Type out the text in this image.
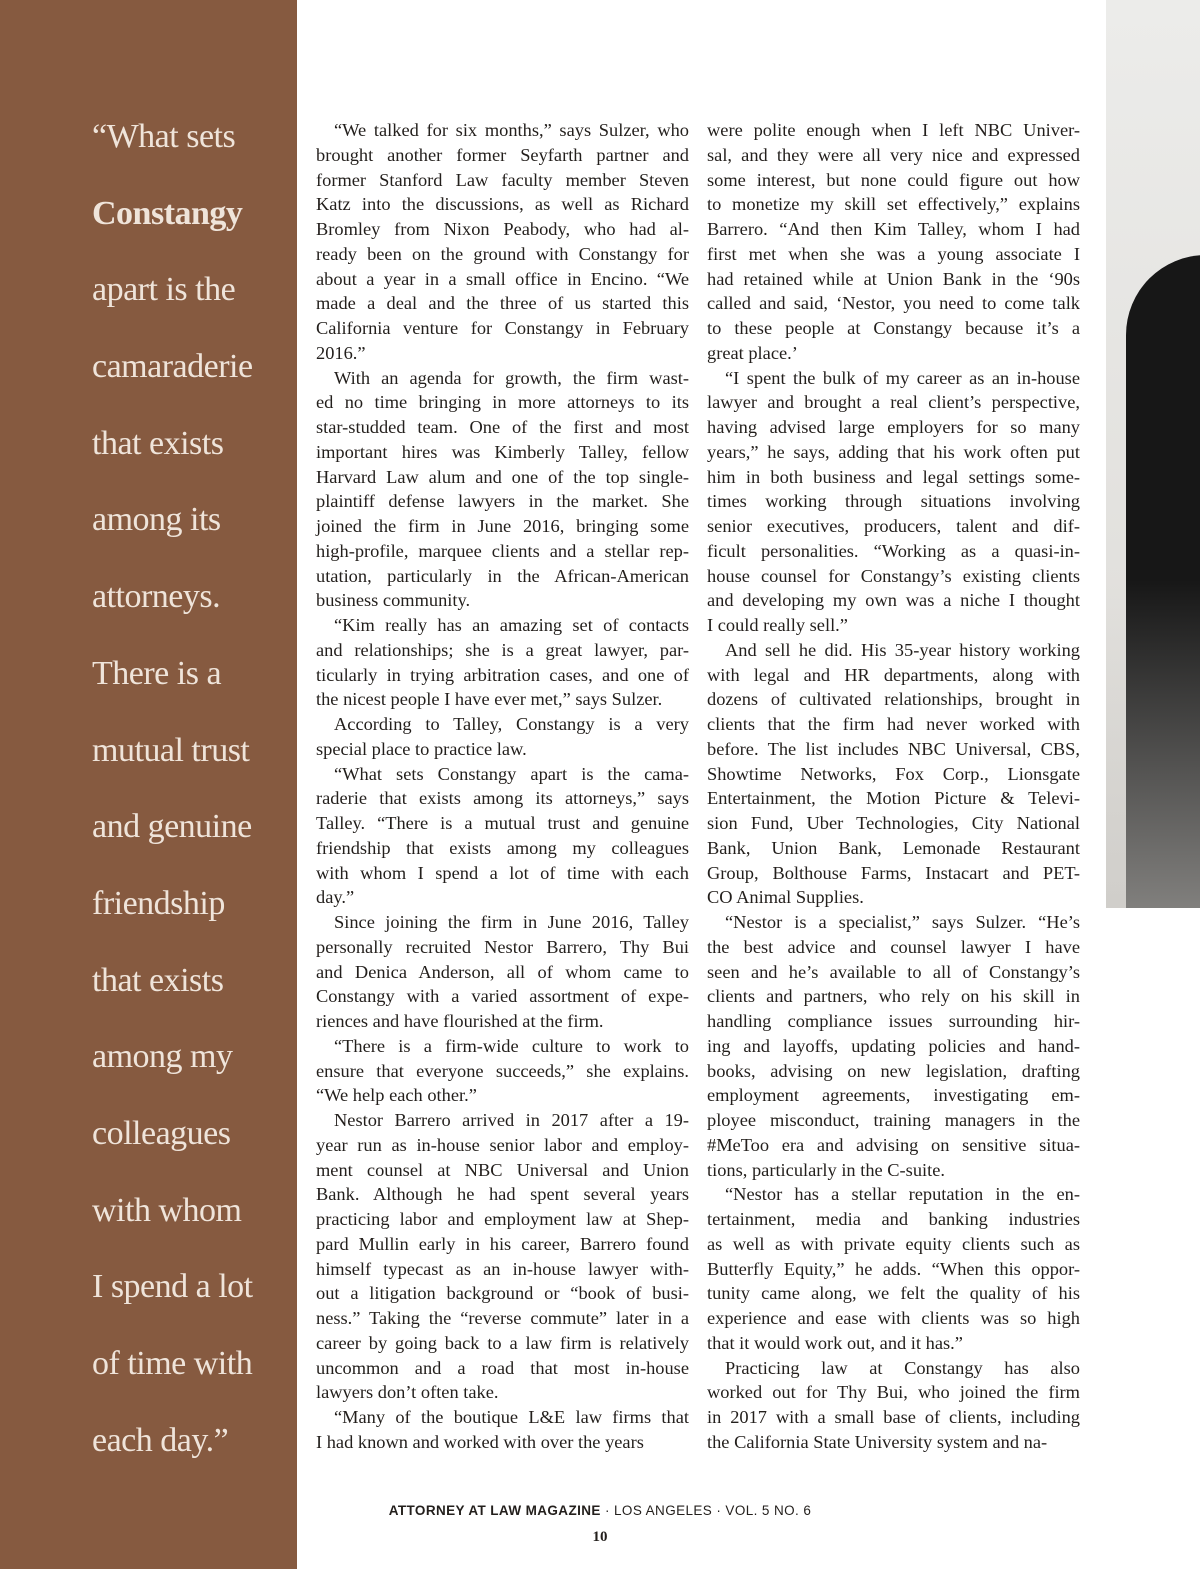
“What sets
Constangy
apart is the
camaraderie
that exists
among its
attorneys.
There is a
mutual trust
and genuine
friendship
that exists
among my
colleagues
with whom
I spend a lot
of time with
each day.”
“We talked for six months,” says Sulzer, who
brought another former Seyfarth partner and
former Stanford Law faculty member Steven
Katz into the discussions, as well as Richard
Bromley from Nixon Peabody, who had al-
ready been on the ground with Constangy for
about a year in a small office in Encino. “We
made a deal and the three of us started this
California venture for Constangy in February
2016.”
With an agenda for growth, the firm wast-
ed no time bringing in more attorneys to its
star-studded team. One of the first and most
important hires was Kimberly Talley, fellow
Harvard Law alum and one of the top single-
plaintiff defense lawyers in the market. She
joined the firm in June 2016, bringing some
high-profile, marquee clients and a stellar rep-
utation, particularly in the African-American
business community.
“Kim really has an amazing set of contacts
and relationships; she is a great lawyer, par-
ticularly in trying arbitration cases, and one of
the nicest people I have ever met,” says Sulzer.
According to Talley, Constangy is a very
special place to practice law.
“What sets Constangy apart is the cama-
raderie that exists among its attorneys,” says
Talley. “There is a mutual trust and genuine
friendship that exists among my colleagues
with whom I spend a lot of time with each
day.”
Since joining the firm in June 2016, Talley
personally recruited Nestor Barrero, Thy Bui
and Denica Anderson, all of whom came to
Constangy with a varied assortment of expe-
riences and have flourished at the firm.
“There is a firm-wide culture to work to
ensure that everyone succeeds,” she explains.
“We help each other.”
Nestor Barrero arrived in 2017 after a 19-
year run as in-house senior labor and employ-
ment counsel at NBC Universal and Union
Bank. Although he had spent several years
practicing labor and employment law at Shep-
pard Mullin early in his career, Barrero found
himself typecast as an in-house lawyer with-
out a litigation background or “book of busi-
ness.” Taking the “reverse commute” later in a
career by going back to a law firm is relatively
uncommon and a road that most in-house
lawyers don’t often take.
“Many of the boutique L&E law firms that
I had known and worked with over the years
were polite enough when I left NBC Univer-
sal, and they were all very nice and expressed
some interest, but none could figure out how
to monetize my skill set effectively,” explains
Barrero. “And then Kim Talley, whom I had
first met when she was a young associate I
had retained while at Union Bank in the ‘90s
called and said, ‘Nestor, you need to come talk
to these people at Constangy because it’s a
great place.’
“I spent the bulk of my career as an in-house
lawyer and brought a real client’s perspective,
having advised large employers for so many
years,” he says, adding that his work often put
him in both business and legal settings some-
times working through situations involving
senior executives, producers, talent and dif-
ficult personalities. “Working as a quasi-in-
house counsel for Constangy’s existing clients
and developing my own was a niche I thought
I could really sell.”
And sell he did. His 35-year history working
with legal and HR departments, along with
dozens of cultivated relationships, brought in
clients that the firm had never worked with
before. The list includes NBC Universal, CBS,
Showtime Networks, Fox Corp., Lionsgate
Entertainment, the Motion Picture & Televi-
sion Fund, Uber Technologies, City National
Bank, Union Bank, Lemonade Restaurant
Group, Bolthouse Farms, Instacart and PET-
CO Animal Supplies.
“Nestor is a specialist,” says Sulzer. “He’s
the best advice and counsel lawyer I have
seen and he’s available to all of Constangy’s
clients and partners, who rely on his skill in
handling compliance issues surrounding hir-
ing and layoffs, updating policies and hand-
books, advising on new legislation, drafting
employment agreements, investigating em-
ployee misconduct, training managers in the
#MeToo era and advising on sensitive situa-
tions, particularly in the C-suite.
“Nestor has a stellar reputation in the en-
tertainment, media and banking industries
as well as with private equity clients such as
Butterfly Equity,” he adds. “When this oppor-
tunity came along, we felt the quality of his
experience and ease with clients was so high
that it would work out, and it has.”
Practicing law at Constangy has also
worked out for Thy Bui, who joined the firm
in 2017 with a small base of clients, including
the California State University system and na-
ATTORNEY AT LAW MAGAZINE · LOS ANGELES · VOL. 5 NO. 6
10
